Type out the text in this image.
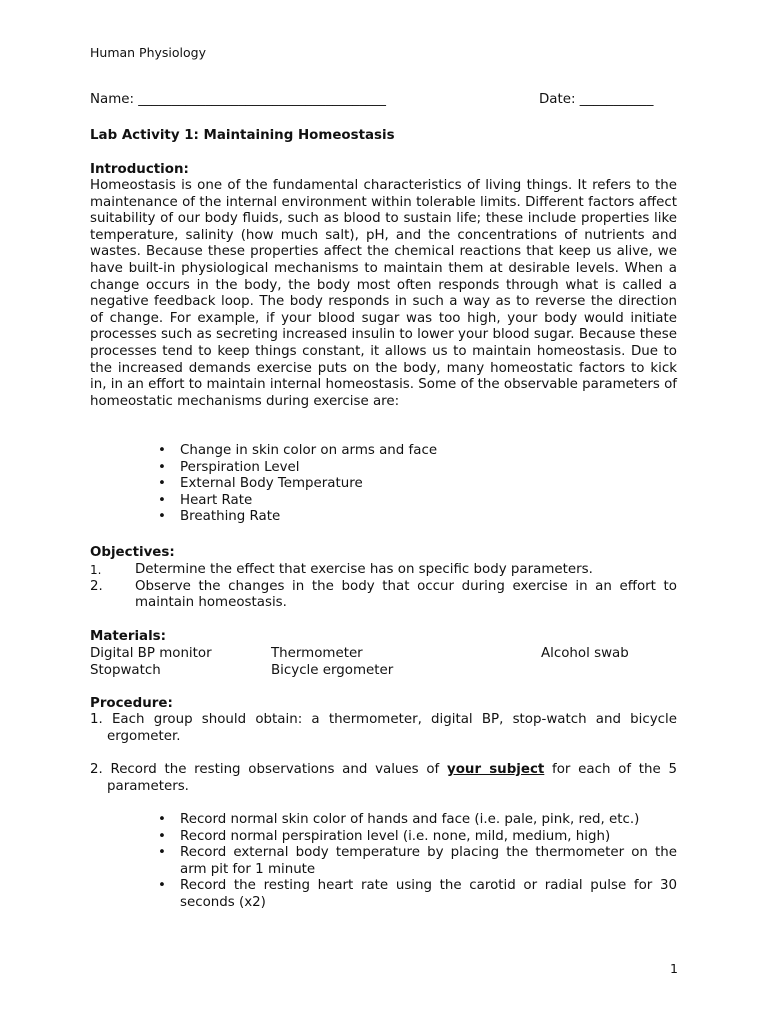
Human Physiology
Name: _____________________________________	Date: ___________
Lab Activity 1: Maintaining Homeostasis
Introduction:
Homeostasis is one of the fundamental characteristics of living things. It refers to the maintenance of the internal environment within tolerable limits. Different factors affect suitability of our body fluids, such as blood to sustain life; these include properties like temperature, salinity (how much salt), pH, and the concentrations of nutrients and wastes. Because these properties affect the chemical reactions that keep us alive, we have built-in physiological mechanisms to maintain them at desirable levels. When a change occurs in the body, the body most often responds through what is called a negative feedback loop. The body responds in such a way as to reverse the direction of change. For example, if your blood sugar was too high, your body would initiate processes such as secreting increased insulin to lower your blood sugar. Because these processes tend to keep things constant, it allows us to maintain homeostasis. Due to the increased demands exercise puts on the body, many homeostatic factors to kick in, in an effort to maintain internal homeostasis. Some of the observable parameters of homeostatic mechanisms during exercise are:
• Change in skin color on arms and face
• Perspiration Level
• External Body Temperature
• Heart Rate
• Breathing Rate
Objectives:
1.	Determine the effect that exercise has on specific body parameters.
2. Observe the changes in the body that occur during exercise in an effort to maintain homeostasis.
Materials:
Digital BP monitor	Thermometer	Alcohol swab
Stopwatch	Bicycle ergometer
Procedure:
1. Each group should obtain: a thermometer, digital BP, stop-watch and bicycle ergometer.
2. Record the resting observations and values of your subject for each of the 5 parameters.
• Record normal skin color of hands and face (i.e. pale, pink, red, etc.)
• Record normal perspiration level (i.e. none, mild, medium, high)
• Record external body temperature by placing the thermometer on the arm pit for 1 minute
• Record the resting heart rate using the carotid or radial pulse for 30 seconds (x2)
1
